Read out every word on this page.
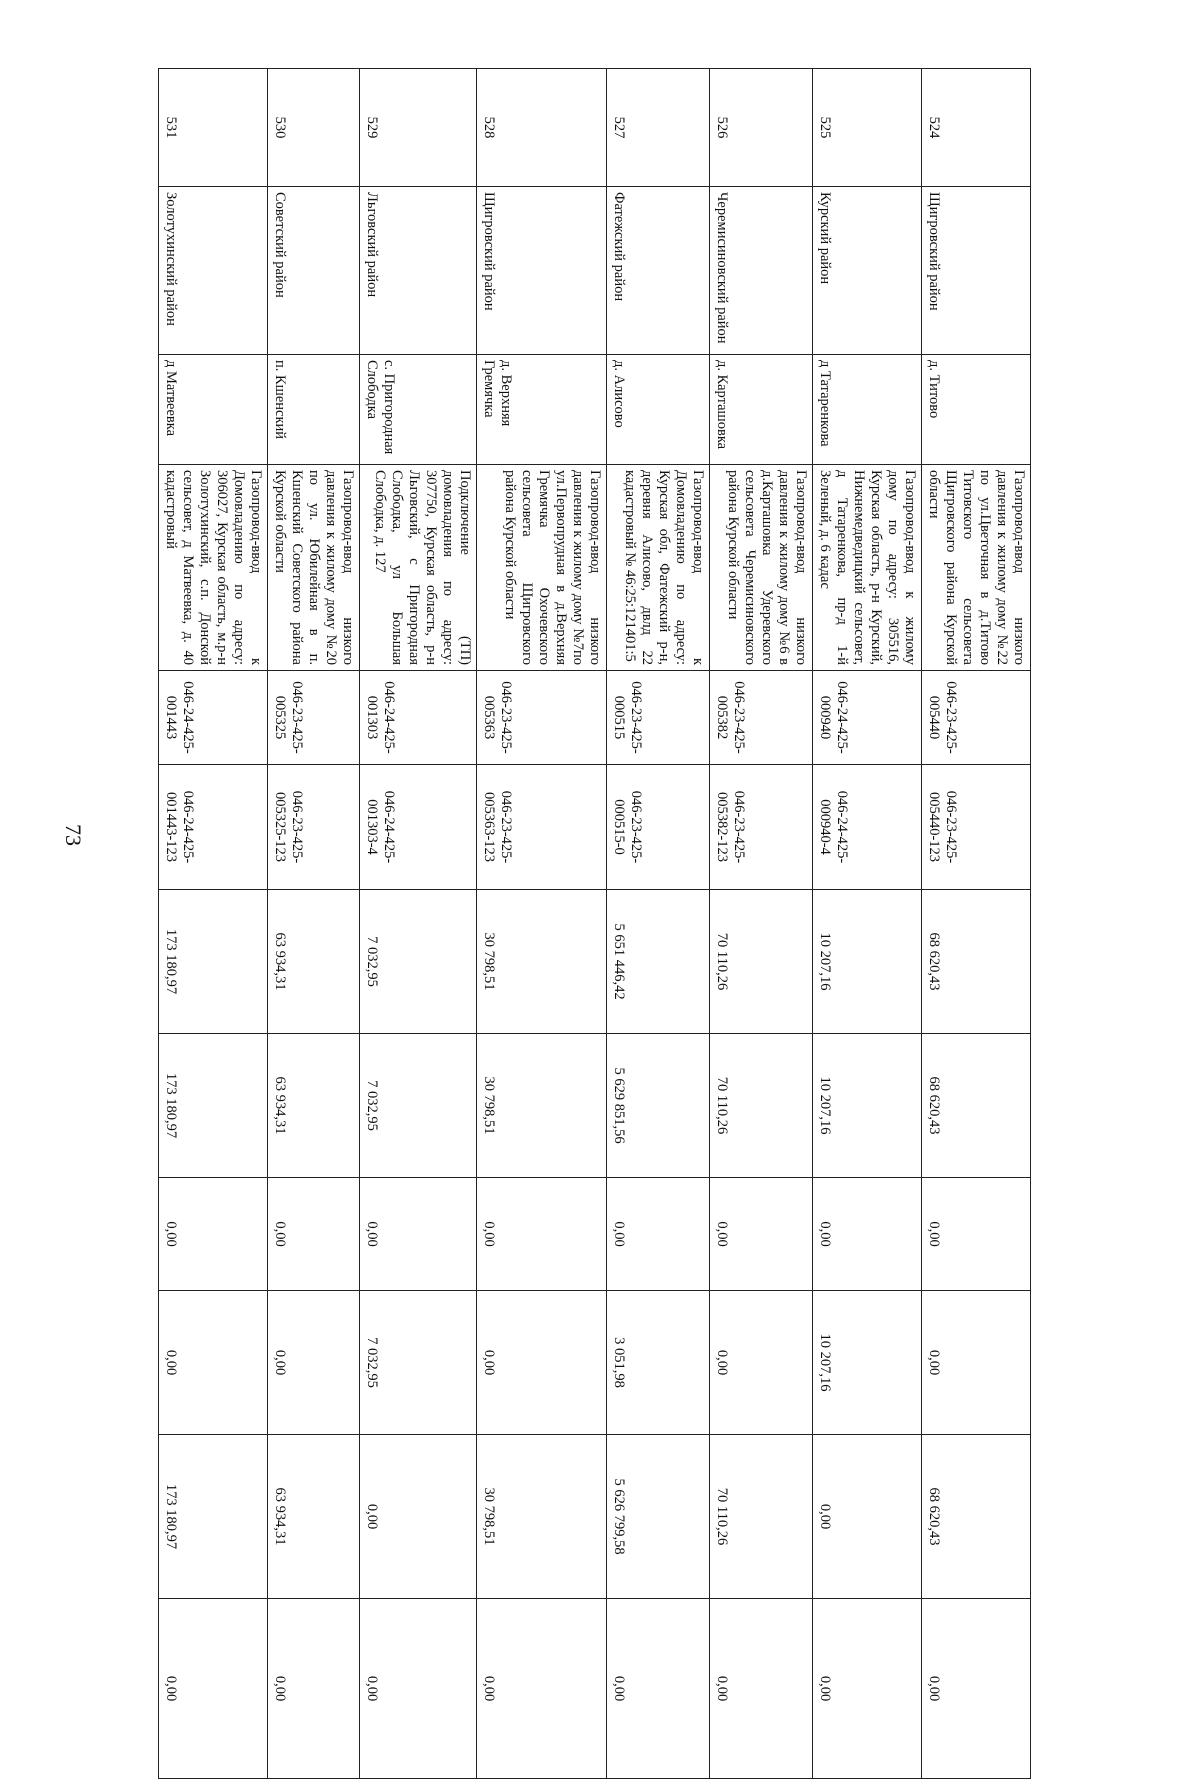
73
524	Щигровский район	д. Титово	Газопровод-ввод низкого давления к жилому дому №22 по ул.Цветочная в д.Титово Титовского сельсовета Щигровского района Курской области	046-23-425-005440	046-23-425-005440-123	68 620,43	68 620,43	0,00	0,00	68 620,43	0,00
525	Курский район	д Татаренкова	Газопровод-ввод к жилому дому по адресу: 305516, Курская область, р-н Курский, Нижнемедведицкий сельсовет, д Татаренкова, пр-д 1-й Зеленый, д. 6 кадас	046-24-425-000940	046-24-425-000940-4	10 207,16	10 207,16	0,00	10 207,16	0,00	0,00
526	Черемисиновский район	д. Карташовка	Газопровод-ввод низкого давления к жилому дому №6 в д.Карташовка Удеревского сельсовета Черемисиновского района Курской области	046-23-425-005382	046-23-425-005382-123	70 110,26	70 110,26	0,00	0,00	70 110,26	0,00
527	Фатежский район	д. Алисово	Газопровод-ввод к Домовладению по адресу: Курская обл, Фатежский р-н, деревня Алисово, двлд 22 кадастровый № 46:25:121401:5	046-23-425-000515	046-23-425-000515-0	5 651 446,42	5 629 851,56	0,00	3 051,98	5 626 799,58	0,00
528	Щигровский район	д. Верхняя Гремячка	Газопровод-ввод низкого давления к жилому дому №7по ул.Первопрудная в д.Верхняя Гремячка Охочевского сельсовета Щигровского района Курской области	046-23-425-005363	046-23-425-005363-123	30 798,51	30 798,51	0,00	0,00	30 798,51	0,00
529	Льговский район	с. Пригородная Слободка	Подключение (ТП) домовладения по адресу: 307750, Курская область, р-н Льговский, с Пригородная Слободка, ул Большая Слободка, д. 127	046-24-425-001303	046-24-425-001303-4	7 032,95	7 032,95	0,00	7 032,95	0,00	0,00
530	Советский район	п. Кшенский	Газопровод-ввод низкого давления к жилому дому №20 по ул. Юбилейная в п. Кшенский Советского района Курской области	046-23-425-005325	046-23-425-005325-123	63 934,31	63 934,31	0,00	0,00	63 934,31	0,00
531	Золотухинский район	д Матвеевка	Газопровод-ввод к Домовладению по адресу: 306027, Курская область, м.р-н Золотухинский, с.п. Донской сельсовет, д Матвеевка, д. 40 кадастровый	046-24-425-001443	046-24-425-001443-123	173 180,97	173 180,97	0,00	0,00	173 180,97	0,00
